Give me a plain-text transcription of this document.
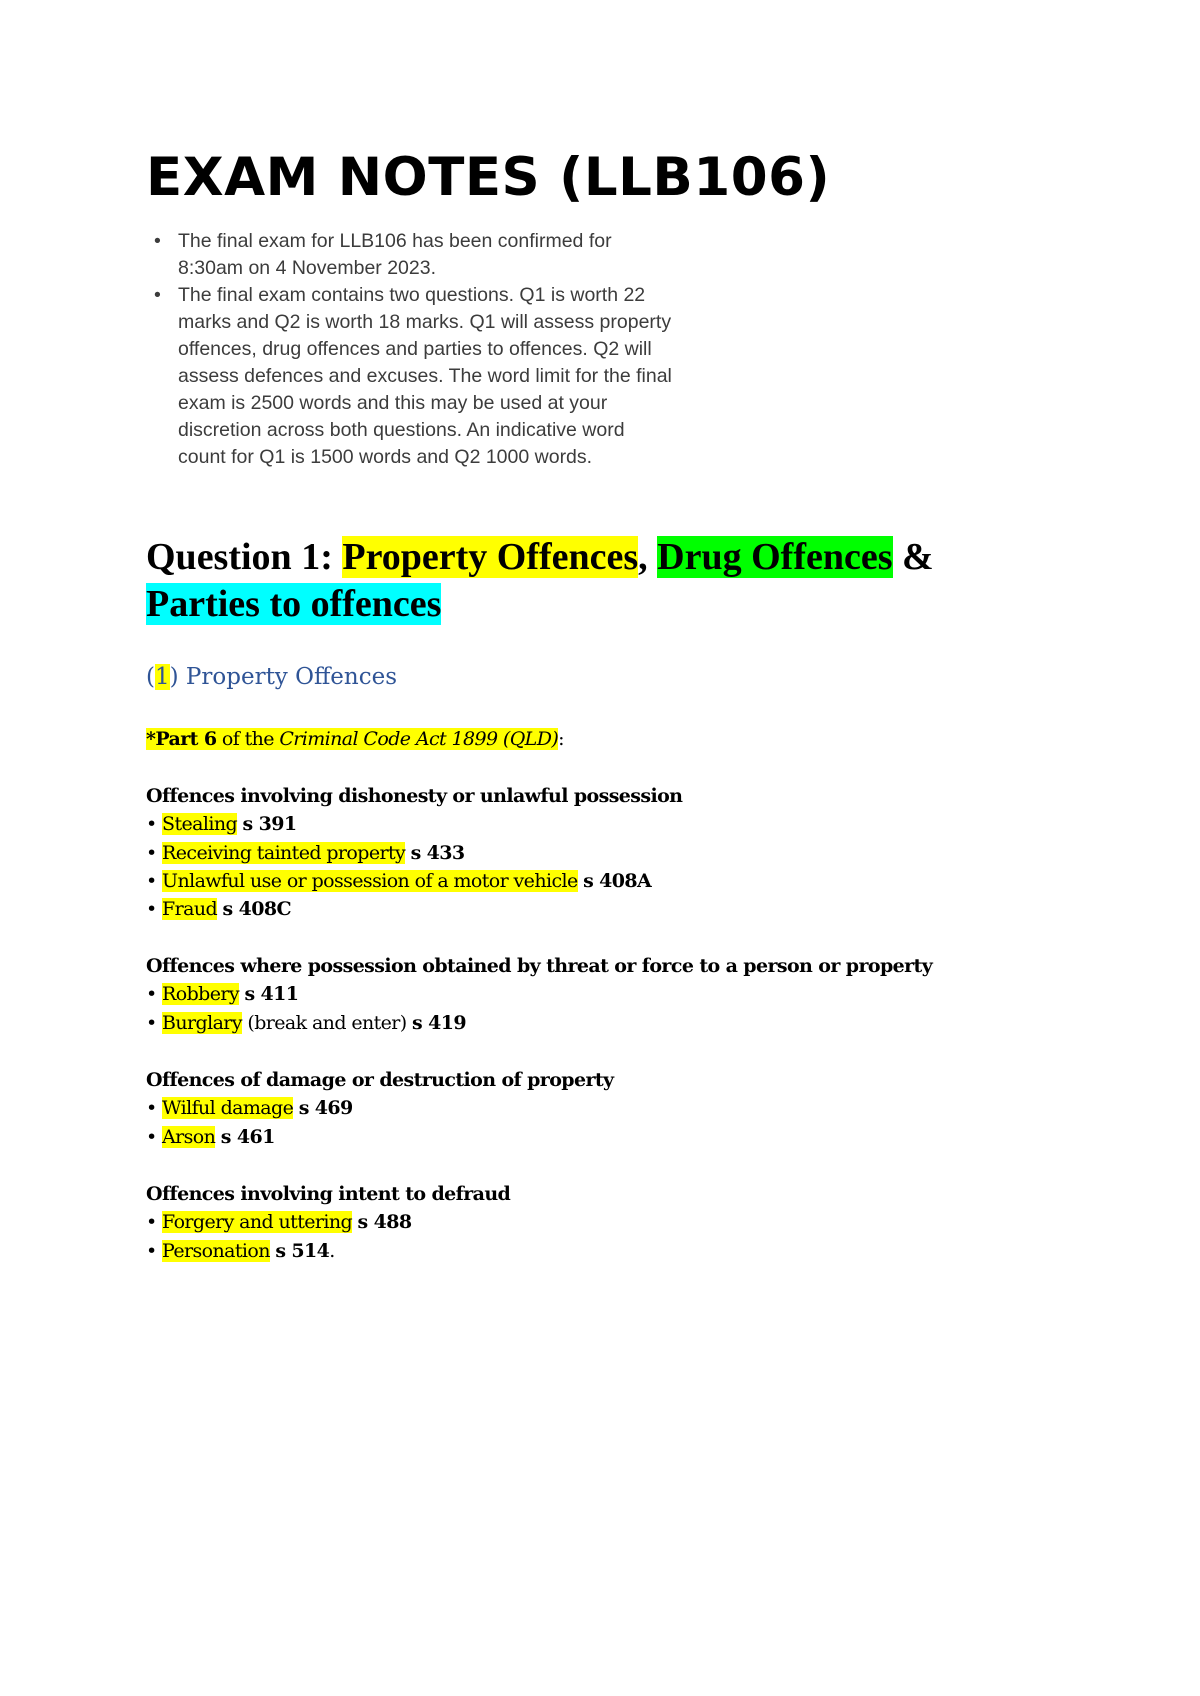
EXAM NOTES (LLB106)
• The final exam for LLB106 has been confirmed for 8:30am on 4 November 2023.
• The final exam contains two questions. Q1 is worth 22 marks and Q2 is worth 18 marks. Q1 will assess property offences, drug offences and parties to offences. Q2 will assess defences and excuses. The word limit for the final exam is 2500 words and this may be used at your discretion across both questions. An indicative word count for Q1 is 1500 words and Q2 1000 words.
Question 1: Property Offences, Drug Offences & Parties to offences
(1) Property Offences

*Part 6 of the Criminal Code Act 1899 (QLD):

Offences involving dishonesty or unlawful possession
• Stealing s 391
• Receiving tainted property s 433
• Unlawful use or possession of a motor vehicle s 408A
• Fraud s 408C
Offences where possession obtained by threat or force to a person or property
• Robbery s 411
• Burglary (break and enter) s 419
Offences of damage or destruction of property
• Wilful damage s 469
• Arson s 461
Offences involving intent to defraud
• Forgery and uttering s 488
• Personation s 514.
